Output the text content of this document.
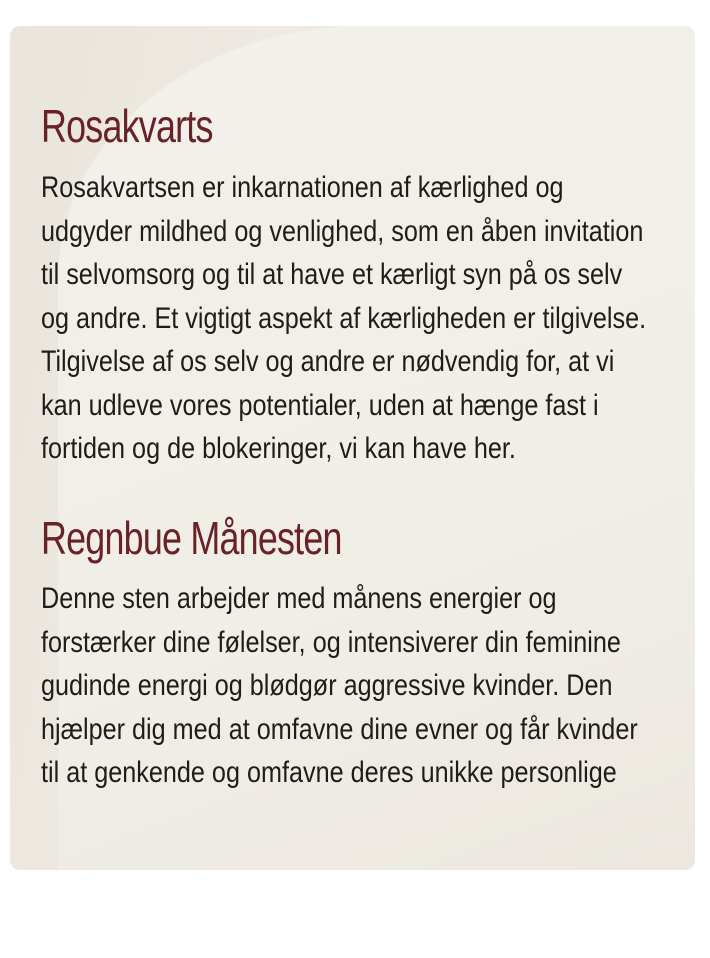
Rosakvarts
Rosakvartsen er inkarnationen af kærlighed og
udgyder mildhed og venlighed, som en åben invitation
til selvomsorg og til at have et kærligt syn på os selv
og andre. Et vigtigt aspekt af kærligheden er tilgivelse.
Tilgivelse af os selv og andre er nødvendig for, at vi
kan udleve vores potentialer, uden at hænge fast i
fortiden og de blokeringer, vi kan have her.
Regnbue Månesten
Denne sten arbejder med månens energier og
forstærker dine følelser, og intensiverer din feminine
gudinde energi og blødgør aggressive kvinder. Den
hjælper dig med at omfavne dine evner og får kvinder
til at genkende og omfavne deres unikke personlige
